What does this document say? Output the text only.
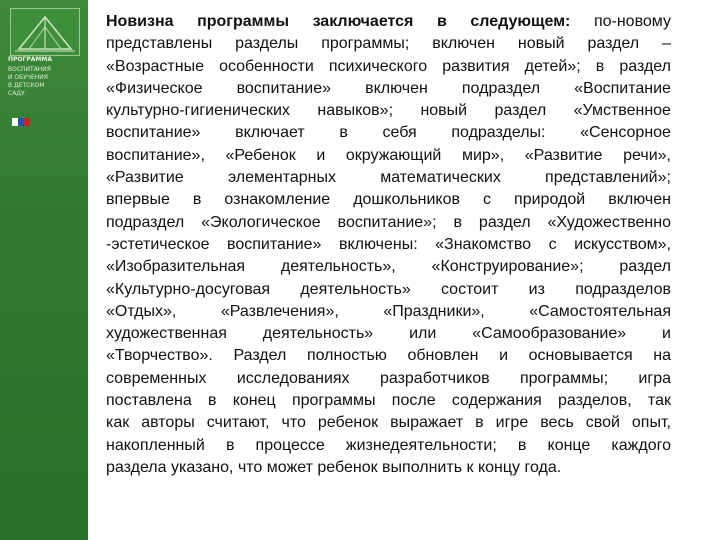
ПРОГРАММА
ВОСПИТАНИЯ
И ОБУЧЕНИЯ
В ДЕТСКОМ
САДУ
Новизна программы заключается в следующем: по-новому
представлены разделы программы; включен новый раздел –
«Возрастные особенности психического развития детей»; в раздел
«Физическое воспитание» включен подраздел «Воспитание
культурно-гигиенических навыков»; новый раздел «Умственное
воспитание» включает в себя подразделы: «Сенсорное
воспитание», «Ребенок и окружающий мир», «Развитие речи»,
«Развитие	элементарных	математических	представлений»;
впервые в ознакомление дошкольников с природой включен
подраздел «Экологическое воспитание»; в раздел «Художественно
-эстетическое воспитание» включены: «Знакомство с искусством»,
«Изобразительная деятельность», «Конструирование»; раздел
«Культурно-досуговая деятельность» состоит из подразделов
«Отдых»,	«Развлечения»,	«Праздники»,	«Самостоятельная
художественная деятельность» или «Самообразование» и
«Творчество». Раздел полностью обновлен и основывается на
современных исследованиях разработчиков программы; игра
поставлена в конец программы после содержания разделов, так
как авторы считают, что ребенок выражает в игре весь свой опыт,
накопленный в процессе жизнедеятельности; в конце каждого
раздела указано, что может ребенок выполнить к концу года.
